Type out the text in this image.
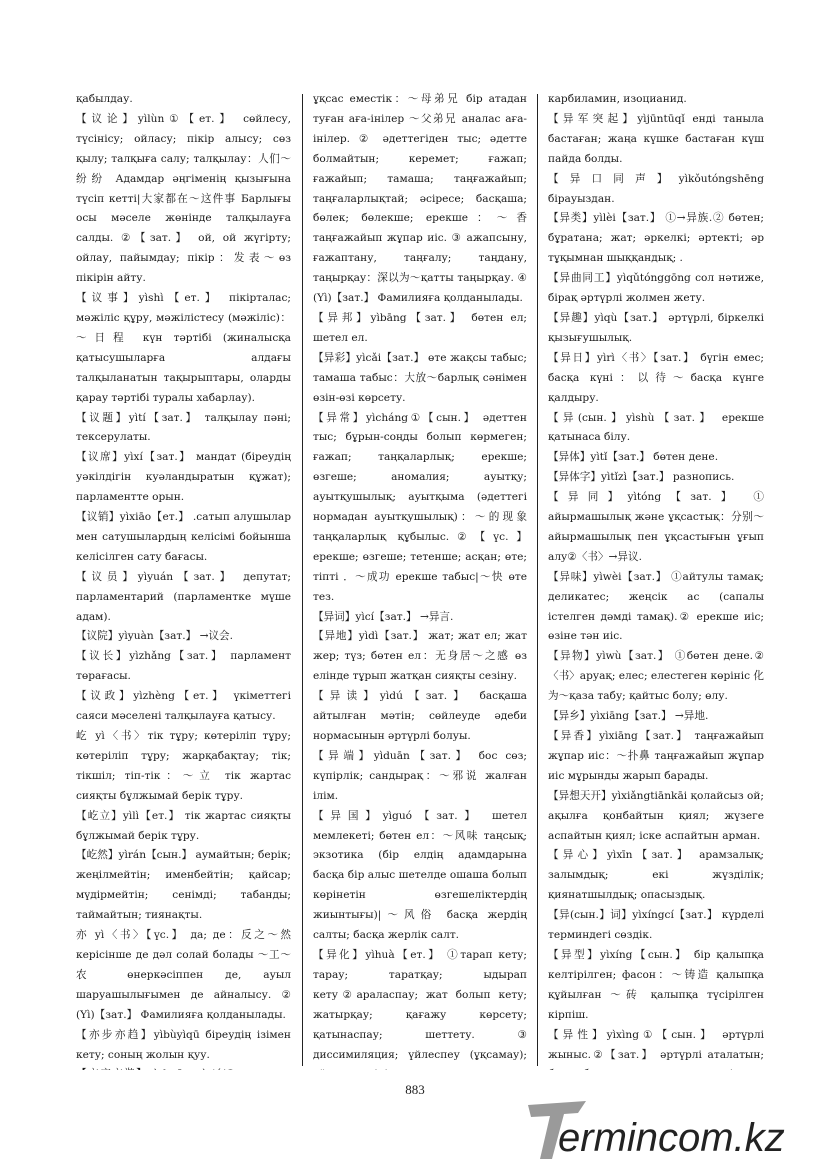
қабылдау.

【议论】yìlùn①【ет.】 сөйлесу, түсінісу; ойласу; пікір алысу; сөз қылу; талқыға салу; талқылау：人们～纷纷 Адамдар әңгіменің қызығына түсіп кетті|大家都在～这件事 Барлығы осы мәселе жөнінде талқылауға салды. ②【зат.】 ой, ой жүгірту; ойлау, пайымдау; пікір：发表～өз пікірін айту.

【议事】yìshì【ет.】 пікірталас; мәжіліс құру, мәжілістесу (мәжіліс)：～日程 күн тәртібі (жиналысқа қатысушыларға алдағы талқыланатын тақырыптары, оларды қарау тәртібі туралы хабарлау).

【议题】yìtí【зат.】 талқылау пәні; тексерулаты.

【议席】yìxí【зат.】 мандат (біреудің уәкілдігін куәландыратын құжат); парламентте орын.

【议销】yìxiāo【ет.】 .сатып алушылар мен сатушылардың келісімі бойынша келісілген сату бағасы.

【议员】yìyuán【зат.】 депутат; парламентарий (парламентке мүше адам).

【议院】yìyuàn【зат.】 →议会.

【议长】yìzhǎng【зат.】 парламент төрағасы.

【议政】yìzhèng【ет.】 үкіметтегі саяси мәселені талқылауға қатысу.

屹 yì〈书〉тік тұру; көтеріліп тұру; көтеріліп тұру; жарқабақтау; тік; тікшіл; тіп-тік：～立 тік жартас сияқты бұлжымай берік тұру.

【屹立】yìlì【ет.】 тік жартас сияқты бұлжымай берік тұру.

【屹然】yìrán【сын.】 аумайтын; берік; жеңілмейтін; именбейтін; қайсар; мүдірмейтін; сенімді; табанды; таймайтын; тиянақты.

亦 yì〈书〉【үс.】 да; де：反之～然 керісінше де дәл солай болады ～工～农 өнеркәсіппен де, ауыл шаруашылығымен де айналысу. ② (Yì)【зат.】 Фамилияға қолданылады.

【亦步亦趋】yìbùyìqū біреудің ізімен кету; соның жолын қуу.

ұқсас еместік：～母弟兄 бір атадан туған аға-інілер ～父弟兄 аналас аға-інілер. ② әдеттегіден тыс; әдетте болмайтын; керемет; ғажап; ғажайып; тамаша; таңғажайып; таңғаларлықтай; әсіресе; басқаша; бөлек; бөлекше; ерекше：～香 таңғажайып жұпар иіс. ③ ажапсыну, ғажаптану, таңғалу; таңдану, таңырқау：深以为～қатты таңырқау. ④ (Yì)【зат.】 Фамилияға қолданылады.

【异邦】yìbāng【зат.】 бөтен ел; шетел ел.

【异彩】yìcǎi【зат.】 өте жақсы табыс; тамаша табыс：大放～барлық сәнімен өзін-өзі көрсету.

【异常】yìcháng①【сын.】 әдеттен тыс; бұрын-соңды болып көрмеген; ғажап; таңқаларлық; ерекше; өзгеше; аномалия; ауытқу; ауытқушылық; ауытқыма (әдеттегі нормадан ауытқушылық)：～的现象 таңқаларлық құбылыс.②【үс.】 ерекше; өзгеше; тетенше; асқан; өте; тіпті ．～成功 ерекше табыс|～快 өте тез.

【异词】yìcí【зат.】 →异言.

【异地】yìdì【зат.】 жат; жат ел; жат жер; түз; бөтен ел：无身居～之感 өз елінде тұрып жатқан сияқты сезіну.

【异读】yìdú【зат.】 басқаша айтылған мәтін; сөйлеуде әдеби нормасынын әртүрлі болуы.

【异端】yìduān【зат.】 бос сөз; күпірлік; сандырақ：～邪说 жалған ілім.

【异国】yìguó【зат.】 шетел мемлекеті; бөтен ел：～风味 таңсық; экзотика (бір елдің адамдарына басқа бір алыс шетелде ошаша болып көрінетін өзгешеліктердің жиынтығы)|～风俗 басқа жердің салты; басқа жерлік салт.

【异化】yìhuà【ет.】 ①тарап кету; тарау; таратқау; ыдырап кету②араласпау; жат болып кету; жатырқау; қағажу көрсету; қатынаспау; шеттету. ③ диссимиляция; үйлеспеу (ұқсамау);

карбиламин, изоцианид.

【异军突起】yìjūntūqǐ енді таныла бастаған; жаңа күшке бастаған күш пайда болды.

【异口同声】yìkǒutóngshēng бірауыздан.

【异类】yìlèi【зат.】 ①→异族.② бөтен; бұратана; жат; әркелкі; әртекті; әр тұқымнан шыққандық; .

【异曲同工】yìqǔtónggōng сол нәтиже, бірақ әртүрлі жолмен жету.

【异趣】yìqù【зат.】 әртүрлі, біркелкі қызығушылық.

【异日】yìrì〈书〉【зат.】 бүгін емес; басқа күні：以待～басқа күнге қалдыру.

【异(сын.】yìshù【зат.】 ерекше қатынаса білу.

【异体】yìtǐ【зат.】 бөтен дене.

【异体字】yìtǐzì【зат.】 разнопись.

【异同】yìtóng【зат.】 ① айырмашылық және ұқсастық：分别～айырмашылық пен ұқсастығын ұғып алу②〈书〉→异议.

【异味】yìwèi【зат.】 ①айтулы тамақ; деликатес; жеңсік ас (сапалы істелген дәмді тамақ).② ерекше иіс; өзіне тән иіс.

【异物】yìwù【зат.】 ①бөтен дене.②〈书〉аруақ; елес; елестеген көрініс 化为～қаза табу; қайтыс болу; өлу.

【异乡】yìxiāng【зат.】 →异地.

【异香】yìxiāng【зат.】 таңғажайып жұпар иіс：～扑鼻 таңғажайып жұпар иіс мұрынды жарып барады.

【异想天开】yìxiǎngtiānkāi қолайсыз ой; ақылға қонбайтын қиял; жүзеге аспайтын қиял; іске аспайтын арман.

【异心】yìxīn【зат.】 арамзалық; залымдық; екі жүзділік; қиянатшылдық; опасыздық.

【异(сын.】词】yìxíngcí【зат.】 күрделі терминдегі сөздік.

【异型】yìxíng【сын.】 бір қалыпқа келтірілген; фасон：～铸造 қалыпқа құйылған ～砖 қалыпқа түсірілген кірпіш.

【异性】yìxìng①【сын.】 әртүрлі жыныс.②【зат.】 әртүрлі аталатын;

883
ermincom.kz
